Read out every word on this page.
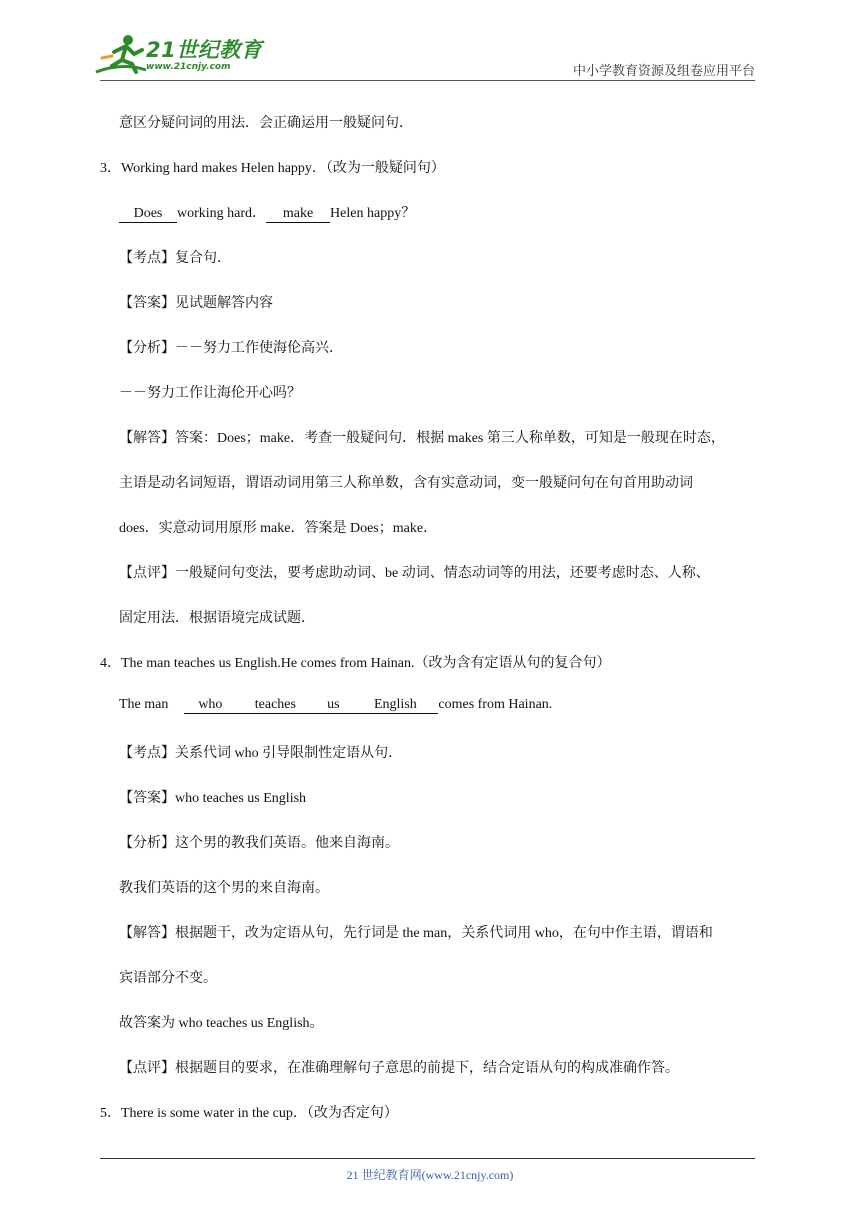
21世纪教育
www.21cnjy.com	中小学教育资源及组卷应用平台
意区分疑问词的用法．会正确运用一般疑问句．
3．Working hard makes Helen happy．（改为一般疑问句）
Does working hard． make Helen happy？
【考点】复合句．
【答案】见试题解答内容
【分析】－－努力工作使海伦高兴．
－－努力工作让海伦开心吗？
【解答】答案：Does；make．考查一般疑问句．根据 makes 第三人称单数，可知是一般现在时态，
主语是动名词短语，谓语动词用第三人称单数，含有实意动词，变一般疑问句在句首用助动词
does．实意动词用原形 make．答案是 Does；make．
【点评】一般疑问句变法，要考虑助动词、be 动词、情态动词等的用法，还要考虑时态、人称、
固定用法．根据语境完成试题．
4．The man teaches us English.He comes from Hainan.（改为含有定语从句的复合句）
The man who teaches us English comes from Hainan.
【考点】关系代词 who 引导限制性定语从句．
【答案】who teaches us English
【分析】这个男的教我们英语。他来自海南。
教我们英语的这个男的来自海南。
【解答】根据题干，改为定语从句，先行词是 the man，关系代词用 who，在句中作主语，谓语和
宾语部分不变。
故答案为 who teaches us English。
【点评】根据题目的要求，在准确理解句子意思的前提下，结合定语从句的构成准确作答。
5．There is some water in the cup．（改为否定句）
21 世纪教育网(www.21cnjy.com)
